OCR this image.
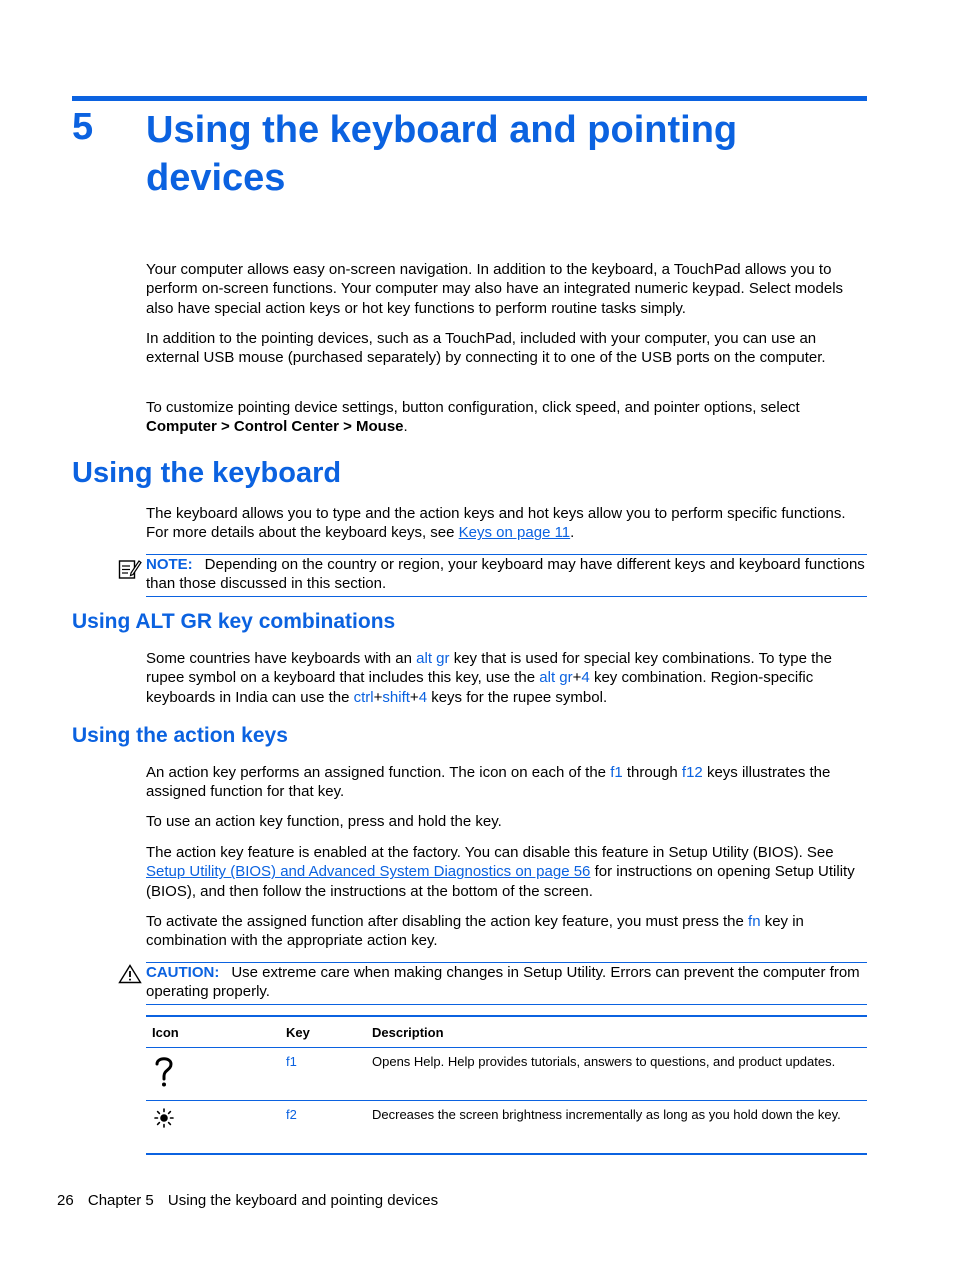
5 Using the keyboard and pointing devices

Your computer allows easy on-screen navigation. In addition to the keyboard, a TouchPad allows you to perform on-screen functions. Your computer may also have an integrated numeric keypad. Select models also have special action keys or hot key functions to perform routine tasks simply.

In addition to the pointing devices, such as a TouchPad, included with your computer, you can use an external USB mouse (purchased separately) by connecting it to one of the USB ports on the computer.

To customize pointing device settings, button configuration, click speed, and pointer options, select Computer > Control Center > Mouse.

Using the keyboard

The keyboard allows you to type and the action keys and hot keys allow you to perform specific functions. For more details about the keyboard keys, see Keys on page 11.

NOTE: Depending on the country or region, your keyboard may have different keys and keyboard functions than those discussed in this section.
Using ALT GR key combinations

Some countries have keyboards with an alt gr key that is used for special key combinations. To type the rupee symbol on a keyboard that includes this key, use the alt gr+4 key combination. Region-specific keyboards in India can use the ctrl+shift+4 keys for the rupee symbol.

Using the action keys

An action key performs an assigned function. The icon on each of the f1 through f12 keys illustrates the assigned function for that key.

To use an action key function, press and hold the key.

The action key feature is enabled at the factory. You can disable this feature in Setup Utility (BIOS). See Setup Utility (BIOS) and Advanced System Diagnostics on page 56 for instructions on opening Setup Utility (BIOS), and then follow the instructions at the bottom of the screen.

To activate the assigned function after disabling the action key feature, you must press the fn key in combination with the appropriate action key.

CAUTION: Use extreme care when making changes in Setup Utility. Errors can prevent the computer from operating properly.
Icon	Key	Description
	f1	Opens Help. Help provides tutorials, answers to questions, and product updates.
	f2	Decreases the screen brightness incrementally as long as you hold down the key.
26 Chapter 5 Using the keyboard and pointing devices
